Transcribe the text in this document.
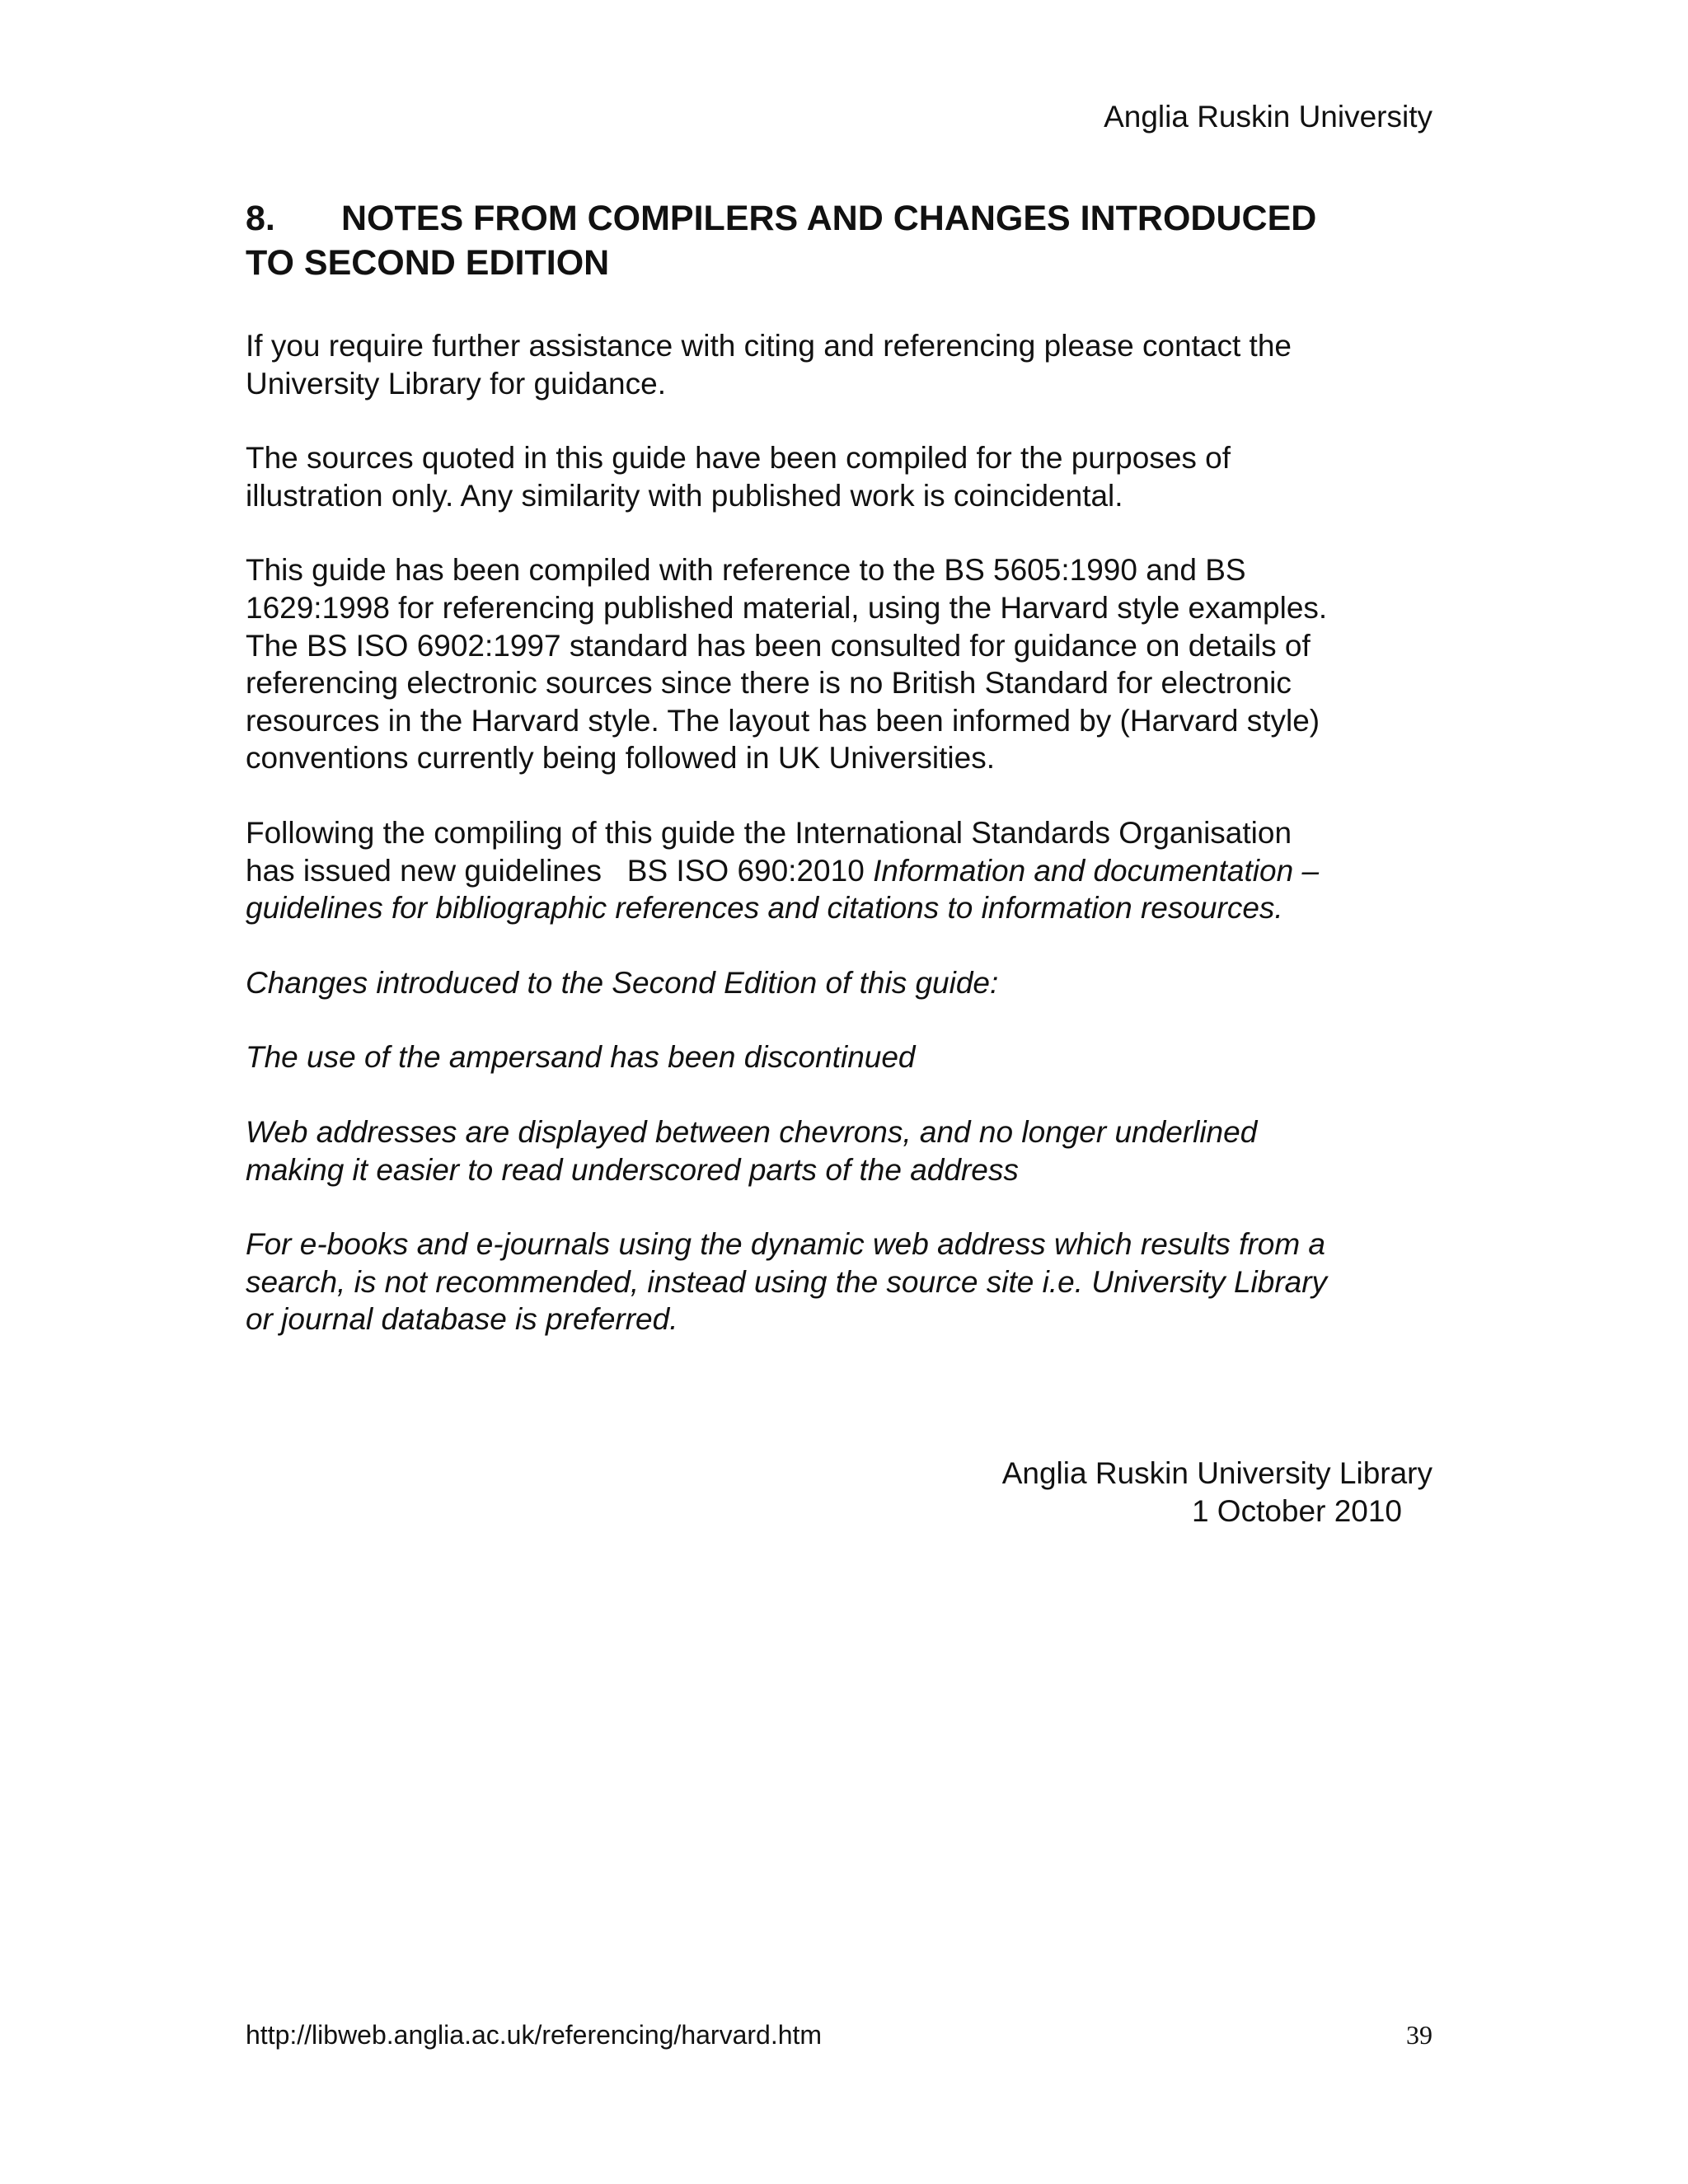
Anglia Ruskin University
8. NOTES FROM COMPILERS AND CHANGES INTRODUCED
TO SECOND EDITION

If you require further assistance with citing and referencing please contact the
University Library for guidance.

The sources quoted in this guide have been compiled for the purposes of
illustration only. Any similarity with published work is coincidental.

This guide has been compiled with reference to the BS 5605:1990 and BS
1629:1998 for referencing published material, using the Harvard style examples.
The BS ISO 6902:1997 standard has been consulted for guidance on details of
referencing electronic sources since there is no British Standard for electronic
resources in the Harvard style. The layout has been informed by (Harvard style)
conventions currently being followed in UK Universities.

Following the compiling of this guide the International Standards Organisation
has issued new guidelines   BS ISO 690:2010 Information and documentation –
guidelines for bibliographic references and citations to information resources.

Changes introduced to the Second Edition of this guide:

The use of the ampersand has been discontinued

Web addresses are displayed between chevrons, and no longer underlined
making it easier to read underscored parts of the address

For e-books and e-journals using the dynamic web address which results from a
search, is not recommended, instead using the source site i.e. University Library
or journal database is preferred.

Anglia Ruskin University Library
1 October 2010
http://libweb.anglia.ac.uk/referencing/harvard.htm	39
